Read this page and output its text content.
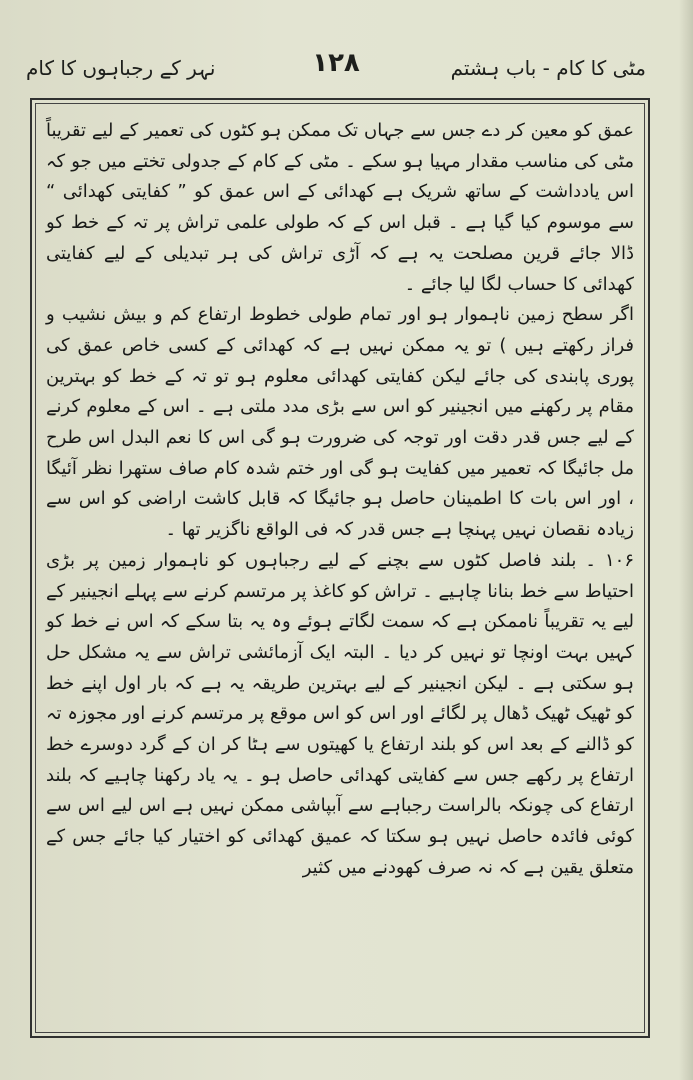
مٹی کا کام - باب ہشتم
۱۲۸
نہر کے رجباہوں کا کام

عمق کو معین کر دے جس سے جہاں تک ممکن ہو کٹوں کی تعمیر کے لیے تقریباً مٹی کی مناسب مقدار مہیا ہو سکے ۔ مٹی کے کام کے جدولی تختے میں جو کہ اس یادداشت کے ساتھ شریک ہے کھدائی کے اس عمق کو ” کفایتی کھدائی “ سے موسوم کیا گیا ہے ۔ قبل اس کے کہ طولی علمی تراش پر تہ کے خط کو ڈالا جائے قرین مصلحت یہ ہے کہ آڑی تراش کی ہر تبدیلی کے لیے کفایتی کھدائی کا حساب لگا لیا جائے ۔

اگر سطح زمین ناہموار ہو اور تمام طولی خطوط ارتفاع کم و بیش نشیب و فراز رکھتے ہیں ) تو یہ ممکن نہیں ہے کہ کھدائی کے کسی خاص عمق کی پوری پابندی کی جائے لیکن کفایتی کھدائی معلوم ہو تو تہ کے خط کو بہترین مقام پر رکھنے میں انجینیر کو اس سے بڑی مدد ملتی ہے ۔ اس کے معلوم کرنے کے لیے جس قدر دقت اور توجہ کی ضرورت ہو گی اس کا نعم البدل اس طرح مل جائیگا کہ تعمیر میں کفایت ہو گی اور ختم شدہ کام صاف ستھرا نظر آئیگا ، اور اس بات کا اطمینان حاصل ہو جائیگا کہ قابل کاشت اراضی کو اس سے زیادہ نقصان نہیں پہنچا ہے جس قدر کہ فی الواقع ناگزیر تھا ۔

۱۰۶ ۔ بلند فاصل کٹوں سے بچنے کے لیے رجباہوں کو ناہموار زمین پر بڑی احتیاط سے خط بنانا چاہیے ۔ تراش کو کاغذ پر مرتسم کرنے سے پہلے انجینیر کے لیے یہ تقریباً ناممکن ہے کہ سمت لگاتے ہوئے وہ یہ بتا سکے کہ اس نے خط کو کہیں بہت اونچا تو نہیں کر دیا ۔ البتہ ایک آزمائشی تراش سے یہ مشکل حل ہو سکتی ہے ۔ لیکن انجینیر کے لیے بہترین طریقہ یہ ہے کہ بار اول اپنے خط کو ٹھیک ٹھیک ڈھال پر لگائے اور اس کو اس موقع پر مرتسم کرنے اور مجوزہ تہ کو ڈالنے کے بعد اس کو بلند ارتفاع یا کھیتوں سے ہٹا کر ان کے گرد دوسرے خط ارتفاع پر رکھے جس سے کفایتی کھدائی حاصل ہو ۔ یہ یاد رکھنا چاہیے کہ بلند ارتفاع کی چونکہ بالراست رجباہے سے آبپاشی ممکن نہیں ہے اس لیے اس سے کوئی فائدہ حاصل نہیں ہو سکتا کہ عمیق کھدائی کو اختیار کیا جائے جس کے متعلق یقین ہے کہ نہ صرف کھودنے میں کثیر
